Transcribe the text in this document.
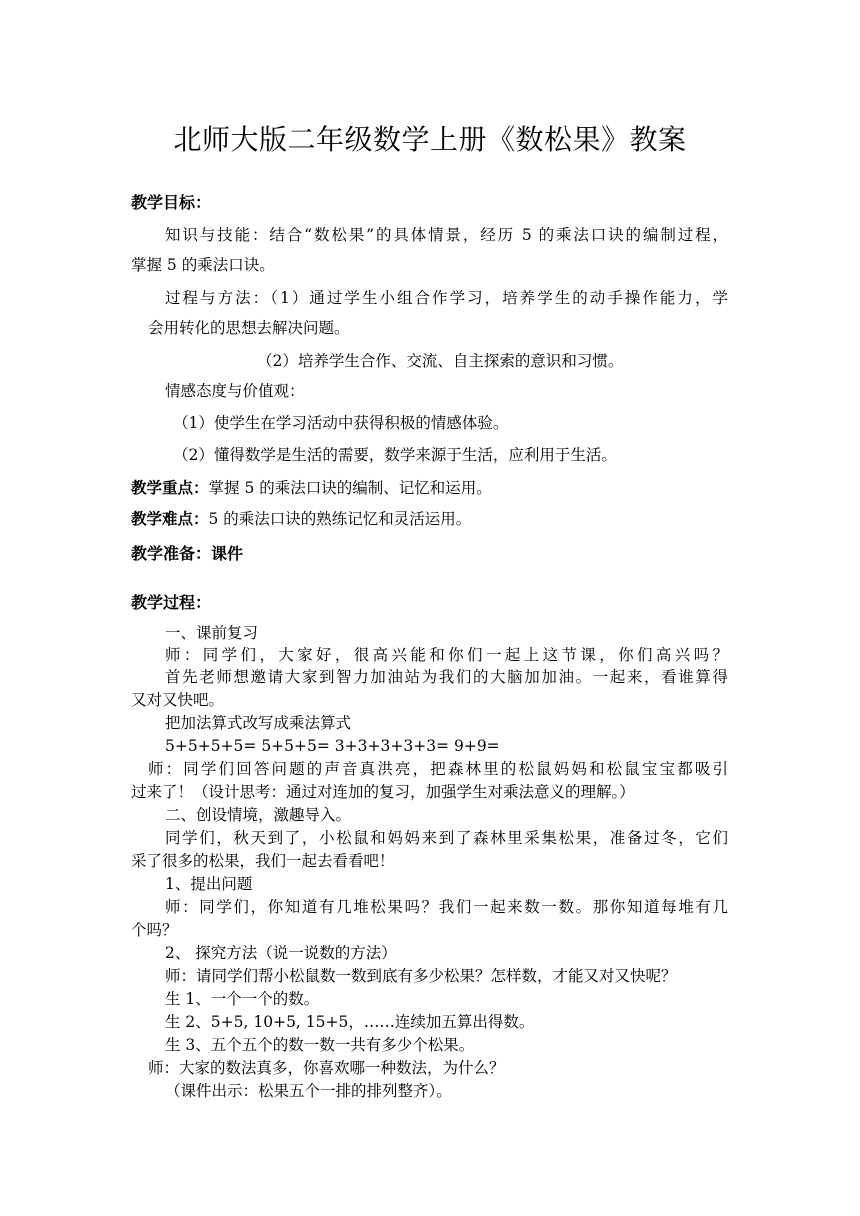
北师大版二年级数学上册《数松果》教案
教学目标：
知识与技能：结合“数松果”的具体情景，经历 5 的乘法口诀的编制过程，
掌握 5 的乘法口诀。
过程与方法：（1）通过学生小组合作学习，培养学生的动手操作能力，学
会用转化的思想去解决问题。
（2）培养学生合作、交流、自主探索的意识和习惯。
情感态度与价值观：
（1）使学生在学习活动中获得积极的情感体验。
（2）懂得数学是生活的需要，数学来源于生活，应利用于生活。
教学重点：掌握 5 的乘法口诀的编制、记忆和运用。
教学难点：5 的乘法口诀的熟练记忆和灵活运用。
教学准备：课件
教学过程：
一、课前复习
师：同学们，大家好，很高兴能和你们一起上这节课，你们高兴吗？
首先老师想邀请大家到智力加油站为我们的大脑加加油。一起来，看谁算得
又对又快吧。
把加法算式改写成乘法算式
5+5+5+5= 5+5+5= 3+3+3+3+3= 9+9=
师：同学们回答问题的声音真洪亮，把森林里的松鼠妈妈和松鼠宝宝都吸引
过来了！（设计思考：通过对连加的复习，加强学生对乘法意义的理解。）
二、创设情境，激趣导入。
同学们，秋天到了，小松鼠和妈妈来到了森林里采集松果，准备过冬，它们
采了很多的松果，我们一起去看看吧！
1、提出问题
师：同学们，你知道有几堆松果吗？我们一起来数一数。那你知道每堆有几
个吗？
2、 探究方法（说一说数的方法）
师：请同学们帮小松鼠数一数到底有多少松果？怎样数，才能又对又快呢？
生 1、一个一个的数。
生 2、5+5, 10+5, 15+5，……连续加五算出得数。
生 3、五个五个的数一数一共有多少个松果。
师：大家的数法真多，你喜欢哪一种数法，为什么？
（课件出示：松果五个一排的排列整齐）。
